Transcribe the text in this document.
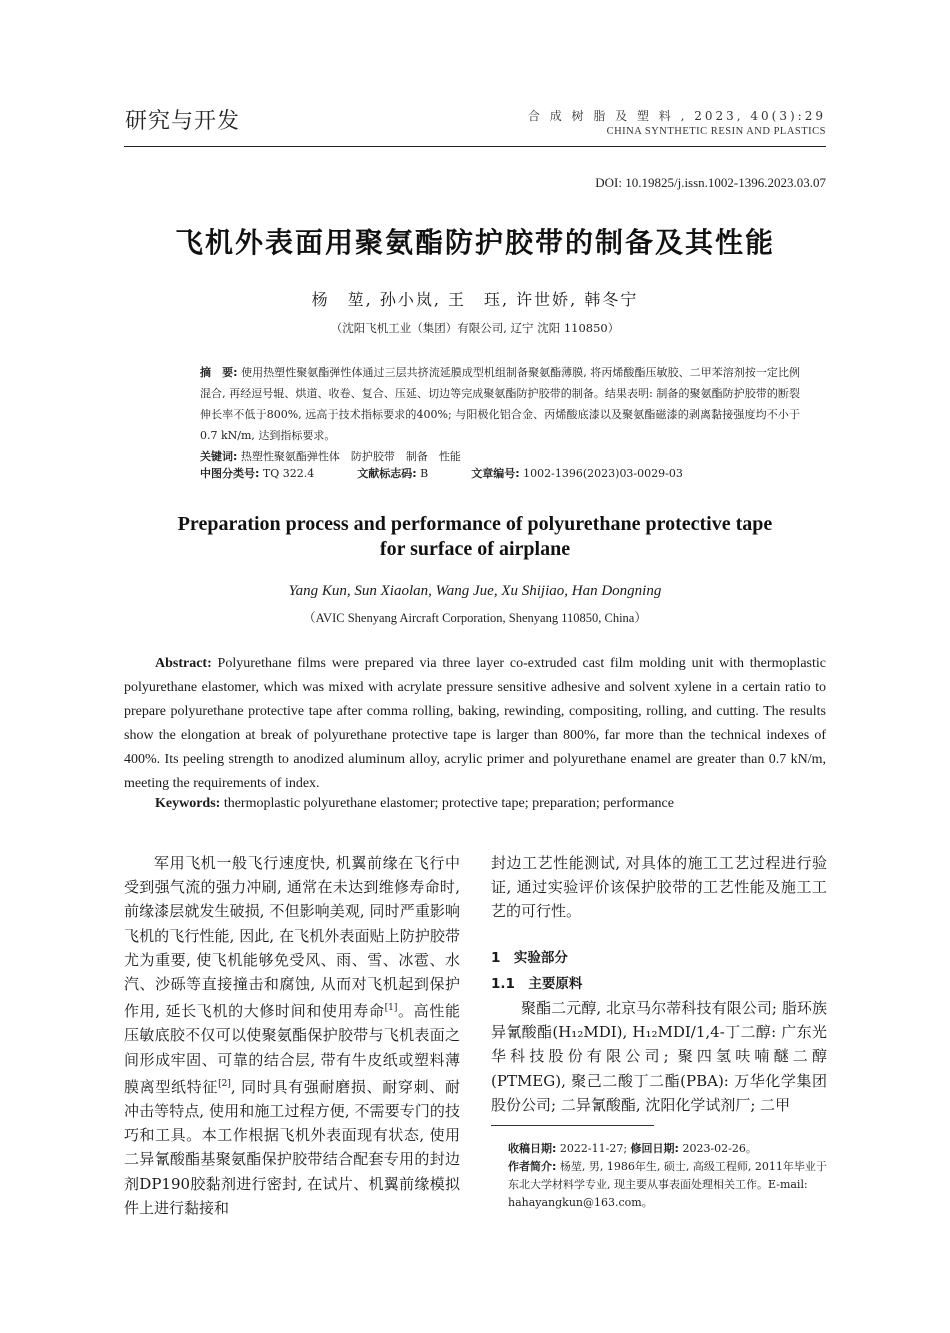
研究与开发	合 成 树 脂 及 塑 料 , 2023, 40(3):29
CHINA SYNTHETIC RESIN AND PLASTICS
DOI: 10.19825/j.issn.1002-1396.2023.03.07
飞机外表面用聚氨酯防护胶带的制备及其性能
杨　堃, 孙小岚, 王　珏, 许世娇, 韩冬宁
（沈阳飞机工业（集团）有限公司, 辽宁 沈阳 110850）
摘　要: 使用热塑性聚氨酯弹性体通过三层共挤流延膜成型机组制备聚氨酯薄膜, 将丙烯酸酯压敏胶、二甲苯溶剂按一定比例混合, 再经逗号辊、烘道、收卷、复合、压延、切边等完成聚氨酯防护胶带的制备。结果表明: 制备的聚氨酯防护胶带的断裂伸长率不低于800%, 远高于技术指标要求的400%; 与阳极化铝合金、丙烯酸底漆以及聚氨酯磁漆的剥离黏接强度均不小于0.7 kN/m, 达到指标要求。
关键词: 热塑性聚氨酯弹性体　防护胶带　制备　性能
中图分类号: TQ 322.4	文献标志码: B	文章编号: 1002-1396(2023)03-0029-03
Preparation process and performance of polyurethane protective tape for surface of airplane
Yang Kun, Sun Xiaolan, Wang Jue, Xu Shijiao, Han Dongning
（AVIC Shenyang Aircraft Corporation, Shenyang 110850, China）
Abstract: Polyurethane films were prepared via three layer co-extruded cast film molding unit with thermoplastic polyurethane elastomer, which was mixed with acrylate pressure sensitive adhesive and solvent xylene in a certain ratio to prepare polyurethane protective tape after comma rolling, baking, rewinding, compositing, rolling, and cutting. The results show the elongation at break of polyurethane protective tape is larger than 800%, far more than the technical indexes of 400%. Its peeling strength to anodized aluminum alloy, acrylic primer and polyurethane enamel are greater than 0.7 kN/m, meeting the requirements of index.
Keywords: thermoplastic polyurethane elastomer; protective tape; preparation; performance
军用飞机一般飞行速度快, 机翼前缘在飞行中受到强气流的强力冲刷, 通常在未达到维修寿命时, 前缘漆层就发生破损, 不但影响美观, 同时严重影响飞机的飞行性能, 因此, 在飞机外表面贴上防护胶带尤为重要, 使飞机能够免受风、雨、雪、冰雹、水汽、沙砾等直接撞击和腐蚀, 从而对飞机起到保护作用, 延长飞机的大修时间和使用寿命[1]。高性能压敏底胶不仅可以使聚氨酯保护胶带与飞机表面之间形成牢固、可靠的结合层, 带有牛皮纸或塑料薄膜离型纸特征[2], 同时具有强耐磨损、耐穿刺、耐冲击等特点, 使用和施工过程方便, 不需要专门的技巧和工具。本工作根据飞机外表面现有状态, 使用二异氰酸酯基聚氨酯保护胶带结合配套专用的封边剂DP190胶黏剂进行密封, 在试片、机翼前缘模拟件上进行黏接和
封边工艺性能测试, 对具体的施工工艺过程进行验证, 通过实验评价该保护胶带的工艺性能及施工工艺的可行性。
1　实验部分
1.1　主要原料
聚酯二元醇, 北京马尔蒂科技有限公司; 脂环族异氰酸酯(H₁₂MDI), H₁₂MDI/1,4-丁二醇: 广东光华科技股份有限公司; 聚四氢呋喃醚二醇(PTMEG), 聚己二酸丁二酯(PBA): 万华化学集团股份公司; 二异氰酸酯, 沈阳化学试剂厂; 二甲
收稿日期: 2022-11-27; 修回日期: 2023-02-26。
作者简介: 杨堃, 男, 1986年生, 硕士, 高级工程师, 2011年毕业于东北大学材料学专业, 现主要从事表面处理相关工作。E-mail: hahayangkun@163.com。
